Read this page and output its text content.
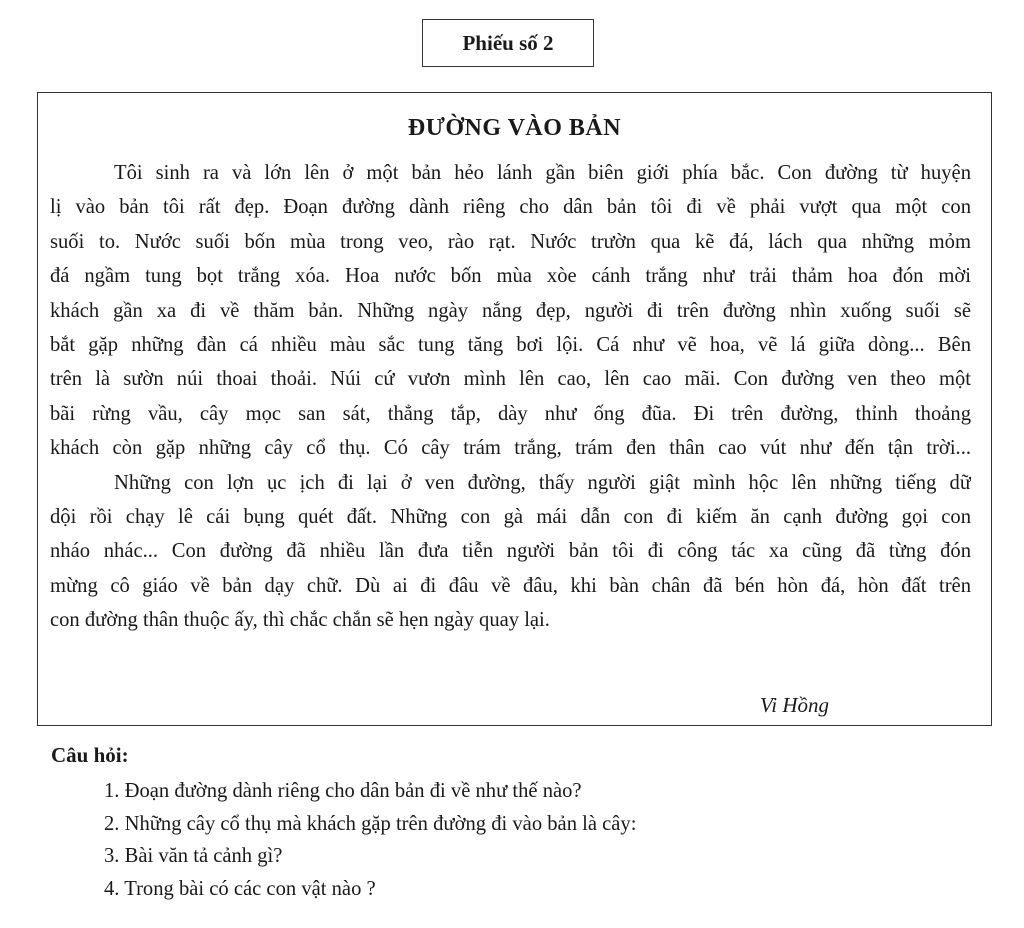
Phiếu số 2
ĐƯỜNG VÀO BẢN
Tôi sinh ra và lớn lên ở một bản hẻo lánh gần biên giới phía bắc. Con đường từ huyện
lị vào bản tôi rất đẹp. Đoạn đường dành riêng cho dân bản tôi đi về phải vượt qua một con
suối to. Nước suối bốn mùa trong veo, rào rạt. Nước trườn qua kẽ đá, lách qua những mỏm
đá ngầm tung bọt trắng xóa. Hoa nước bốn mùa xòe cánh trắng như trải thảm hoa đón mời
khách gần xa đi về thăm bản. Những ngày nắng đẹp, người đi trên đường nhìn xuống suối sẽ
bắt gặp những đàn cá nhiều màu sắc tung tăng bơi lội. Cá như vẽ hoa, vẽ lá giữa dòng... Bên
trên là sườn núi thoai thoải. Núi cứ vươn mình lên cao, lên cao mãi. Con đường ven theo một
bãi rừng vầu, cây mọc san sát, thẳng tắp, dày như ống đũa. Đi trên đường, thỉnh thoảng
khách còn gặp những cây cổ thụ. Có cây trám trắng, trám đen thân cao vút như đến tận trời...
Những con lợn ục ịch đi lại ở ven đường, thấy người giật mình hộc lên những tiếng dữ
dội rồi chạy lê cái bụng quét đất. Những con gà mái dẫn con đi kiếm ăn cạnh đường gọi con
nháo nhác... Con đường đã nhiều lần đưa tiễn người bản tôi đi công tác xa cũng đã từng đón
mừng cô giáo về bản dạy chữ. Dù ai đi đâu về đâu, khi bàn chân đã bén hòn đá, hòn đất trên
con đường thân thuộc ấy, thì chắc chắn sẽ hẹn ngày quay lại.
Vi Hồng
Câu hỏi:
1. Đoạn đường dành riêng cho dân bản đi về như thế nào?
2. Những cây cổ thụ mà khách gặp trên đường đi vào bản là cây:
3. Bài văn tả cảnh gì?
4. Trong bài có các con vật nào ?
